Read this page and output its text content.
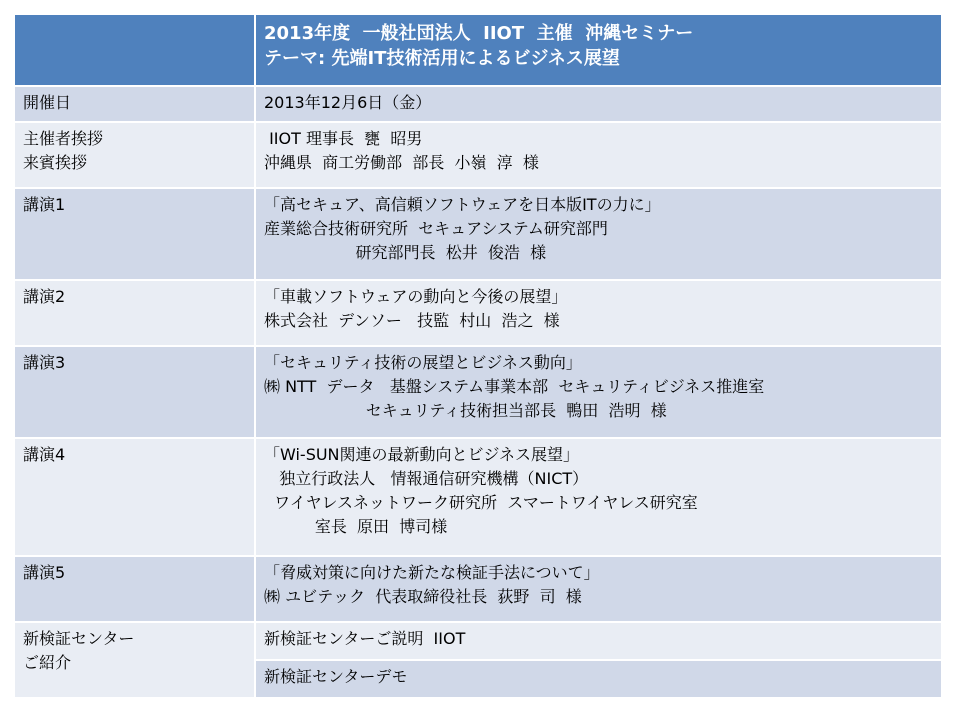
	2013年度  一般社団法人  IIOT  主催  沖縄セミナー
テーマ: 先端IT技術活用によるビジネス展望

開催日	2013年12月6日（金）

主催者挨拶
来賓挨拶	IIOT 理事長  甕  昭男
沖縄県  商工労働部  部長  小嶺  淳  様

講演1	「高セキュア、高信頼ソフトウェアを日本版ITの力に」
産業総合技術研究所  セキュアシステム研究部門
研究部門長  松井  俊浩  様

講演2	「車載ソフトウェアの動向と今後の展望」
株式会社  デンソー   技監  村山  浩之  様

講演3	「セキュリティ技術の展望とビジネス動向」
㈱ NTT  データ   基盤システム事業本部  セキュリティビジネス推進室
セキュリティ技術担当部長  鴨田  浩明  様

講演4	「Wi-SUN関連の最新動向とビジネス展望」
独立行政法人   情報通信研究機構（NICT）
ワイヤレスネットワーク研究所  スマートワイヤレス研究室
室長  原田  博司様

講演5	「脅威対策に向けた新たな検証手法について」
㈱ ユビテック  代表取締役社長  荻野  司  様

新検証センター
ご紹介	新検証センターご説明  IIOT

	新検証センターデモ
